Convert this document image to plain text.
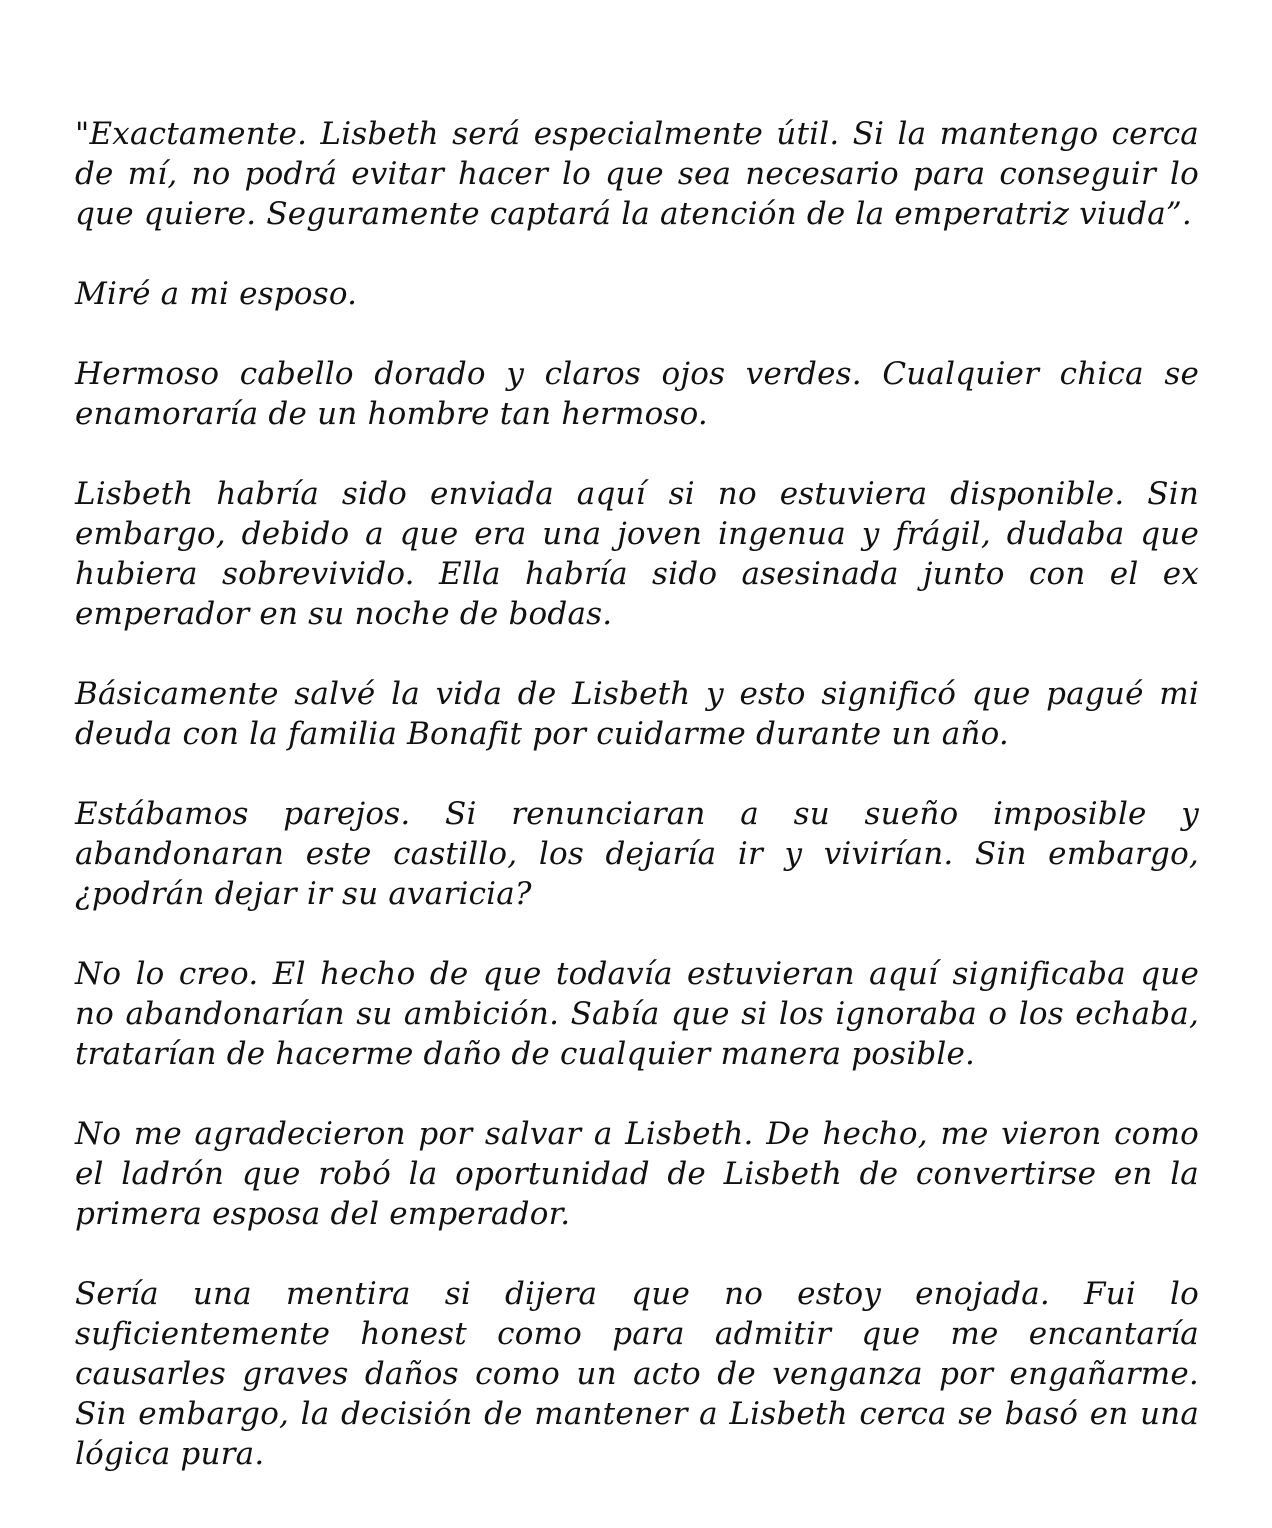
"Exactamente. Lisbeth será especialmente útil. Si la mantengo cerca de mí, no podrá evitar hacer lo que sea necesario para conseguir lo que quiere. Seguramente captará la atención de la emperatriz viuda”.

Miré a mi esposo.

Hermoso cabello dorado y claros ojos verdes. Cualquier chica se enamoraría de un hombre tan hermoso.

Lisbeth habría sido enviada aquí si no estuviera disponible. Sin embargo, debido a que era una joven ingenua y frágil, dudaba que hubiera sobrevivido. Ella habría sido asesinada junto con el ex emperador en su noche de bodas.

Básicamente salvé la vida de Lisbeth y esto significó que pagué mi deuda con la familia Bonafit por cuidarme durante un año.

Estábamos parejos. Si renunciaran a su sueño imposible y abandonaran este castillo, los dejaría ir y vivirían. Sin embargo, ¿podrán dejar ir su avaricia?

No lo creo. El hecho de que todavía estuvieran aquí significaba que no abandonarían su ambición. Sabía que si los ignoraba o los echaba, tratarían de hacerme daño de cualquier manera posible.

No me agradecieron por salvar a Lisbeth. De hecho, me vieron como el ladrón que robó la oportunidad de Lisbeth de convertirse en la primera esposa del emperador.

Sería una mentira si dijera que no estoy enojada. Fui lo suficientemente honest como para admitir que me encantaría causarles graves daños como un acto de venganza por engañarme. Sin embargo, la decisión de mantener a Lisbeth cerca se basó en una lógica pura.
